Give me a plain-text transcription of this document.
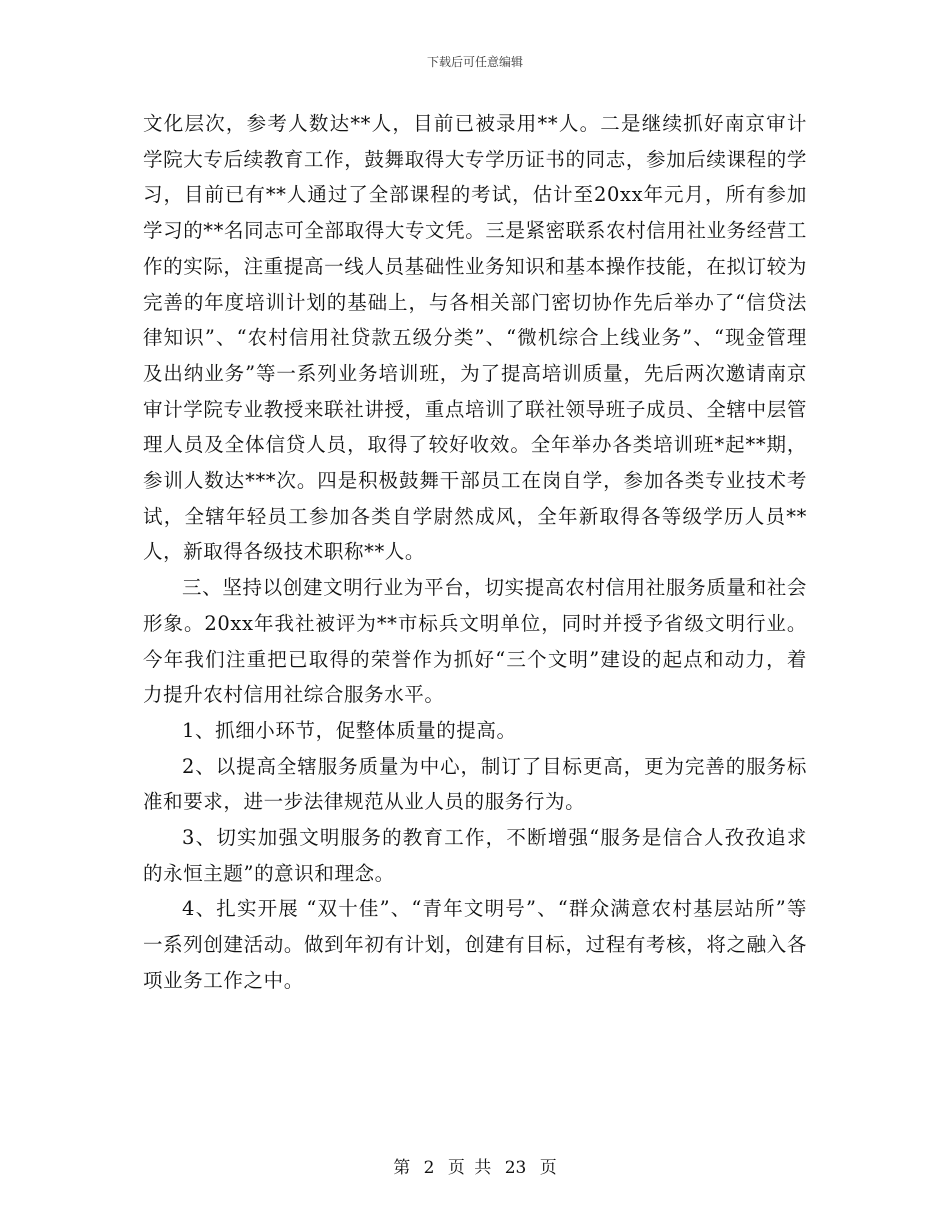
下载后可任意编辑

文化层次，参考人数达**人，目前已被录用**人。二是继续抓好南京审计学院大专后续教育工作，鼓舞取得大专学历证书的同志，参加后续课程的学习，目前已有**人通过了全部课程的考试，估计至20xx年元月，所有参加学习的**名同志可全部取得大专文凭。三是紧密联系农村信用社业务经营工作的实际，注重提高一线人员基础性业务知识和基本操作技能，在拟订较为完善的年度培训计划的基础上，与各相关部门密切协作先后举办了“信贷法律知识”、“农村信用社贷款五级分类”、“微机综合上线业务”、“现金管理及出纳业务”等一系列业务培训班，为了提高培训质量，先后两次邀请南京审计学院专业教授来联社讲授，重点培训了联社领导班子成员、全辖中层管理人员及全体信贷人员，取得了较好收效。全年举办各类培训班*起**期，参训人数达***次。四是积极鼓舞干部员工在岗自学，参加各类专业技术考试，全辖年轻员工参加各类自学尉然成风，全年新取得各等级学历人员**人，新取得各级技术职称**人。

三、坚持以创建文明行业为平台，切实提高农村信用社服务质量和社会形象。20xx年我社被评为**市标兵文明单位，同时并授予省级文明行业。今年我们注重把已取得的荣誉作为抓好“三个文明”建设的起点和动力，着力提升农村信用社综合服务水平。

1、抓细小环节，促整体质量的提高。

2、以提高全辖服务质量为中心，制订了目标更高，更为完善的服务标准和要求，进一步法律规范从业人员的服务行为。

3、切实加强文明服务的教育工作，不断增强“服务是信合人孜孜追求的永恒主题”的意识和理念。

4、扎实开展 “双十佳”、“青年文明号”、“群众满意农村基层站所”等一系列创建活动。做到年初有计划，创建有目标，过程有考核，将之融入各项业务工作之中。

第 2 页 共 23 页
